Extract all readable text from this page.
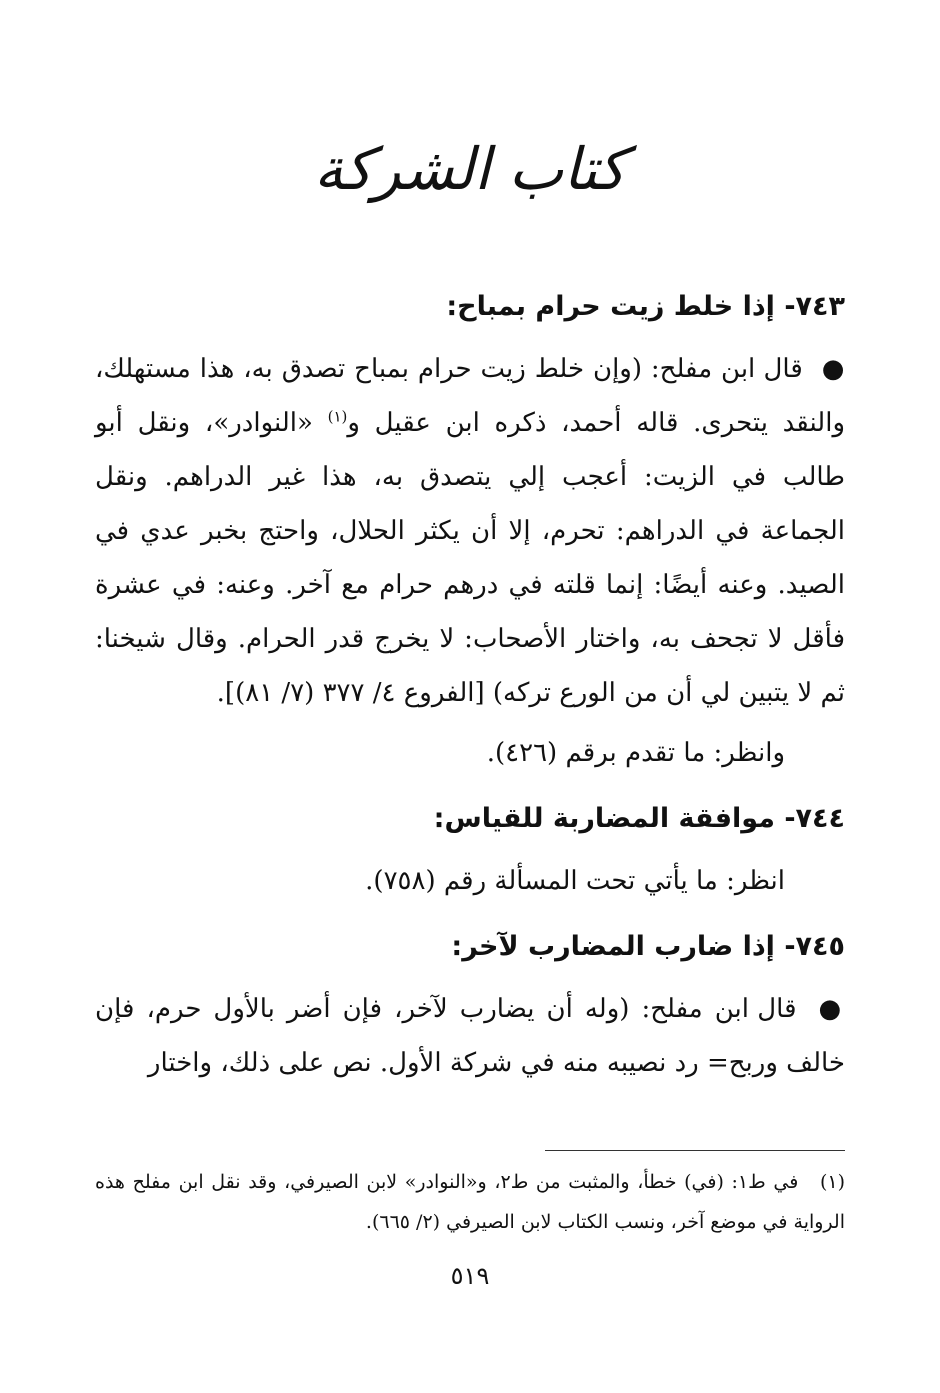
كتاب الشركة

٧٤٣- إذا خلط زيت حرام بمباح:

● قال ابن مفلح: (وإن خلط زيت حرام بمباح تصدق به، هذا مستهلك، والنقد يتحرى. قاله أحمد، ذكره ابن عقيل و$^{(١)}$ «النوادر»، ونقل أبو طالب في الزيت: أعجب إلي يتصدق به، هذا غير الدراهم. ونقل الجماعة في الدراهم: تحرم، إلا أن يكثر الحلال، واحتج بخبر عدي في الصيد. وعنه أيضًا: إنما قلته في درهم حرام مع آخر. وعنه: في عشرة فأقل لا تجحف به، واختار الأصحاب: لا يخرج قدر الحرام. وقال شيخنا: ثم لا يتبين لي أن من الورع تركه) [الفروع ٤/ ٣٧٧ (٧/ ٨١)].

وانظر: ما تقدم برقم (٤٢٦).

٧٤٤- موافقة المضاربة للقياس:

انظر: ما يأتي تحت المسألة رقم (٧٥٨).

٧٤٥- إذا ضارب المضارب لآخر:

● قال ابن مفلح: (وله أن يضارب لآخر، فإن أضر بالأول حرم، فإن خالف وربح= رد نصيبه منه في شركة الأول. نص على ذلك، واختار

(١) في ط١: (في) خطأ، والمثبت من ط٢، و«النوادر» لابن الصيرفي، وقد نقل ابن مفلح هذه الرواية في موضع آخر، ونسب الكتاب لابن الصيرفي (٢/ ٦٦٥).

٥١٩
